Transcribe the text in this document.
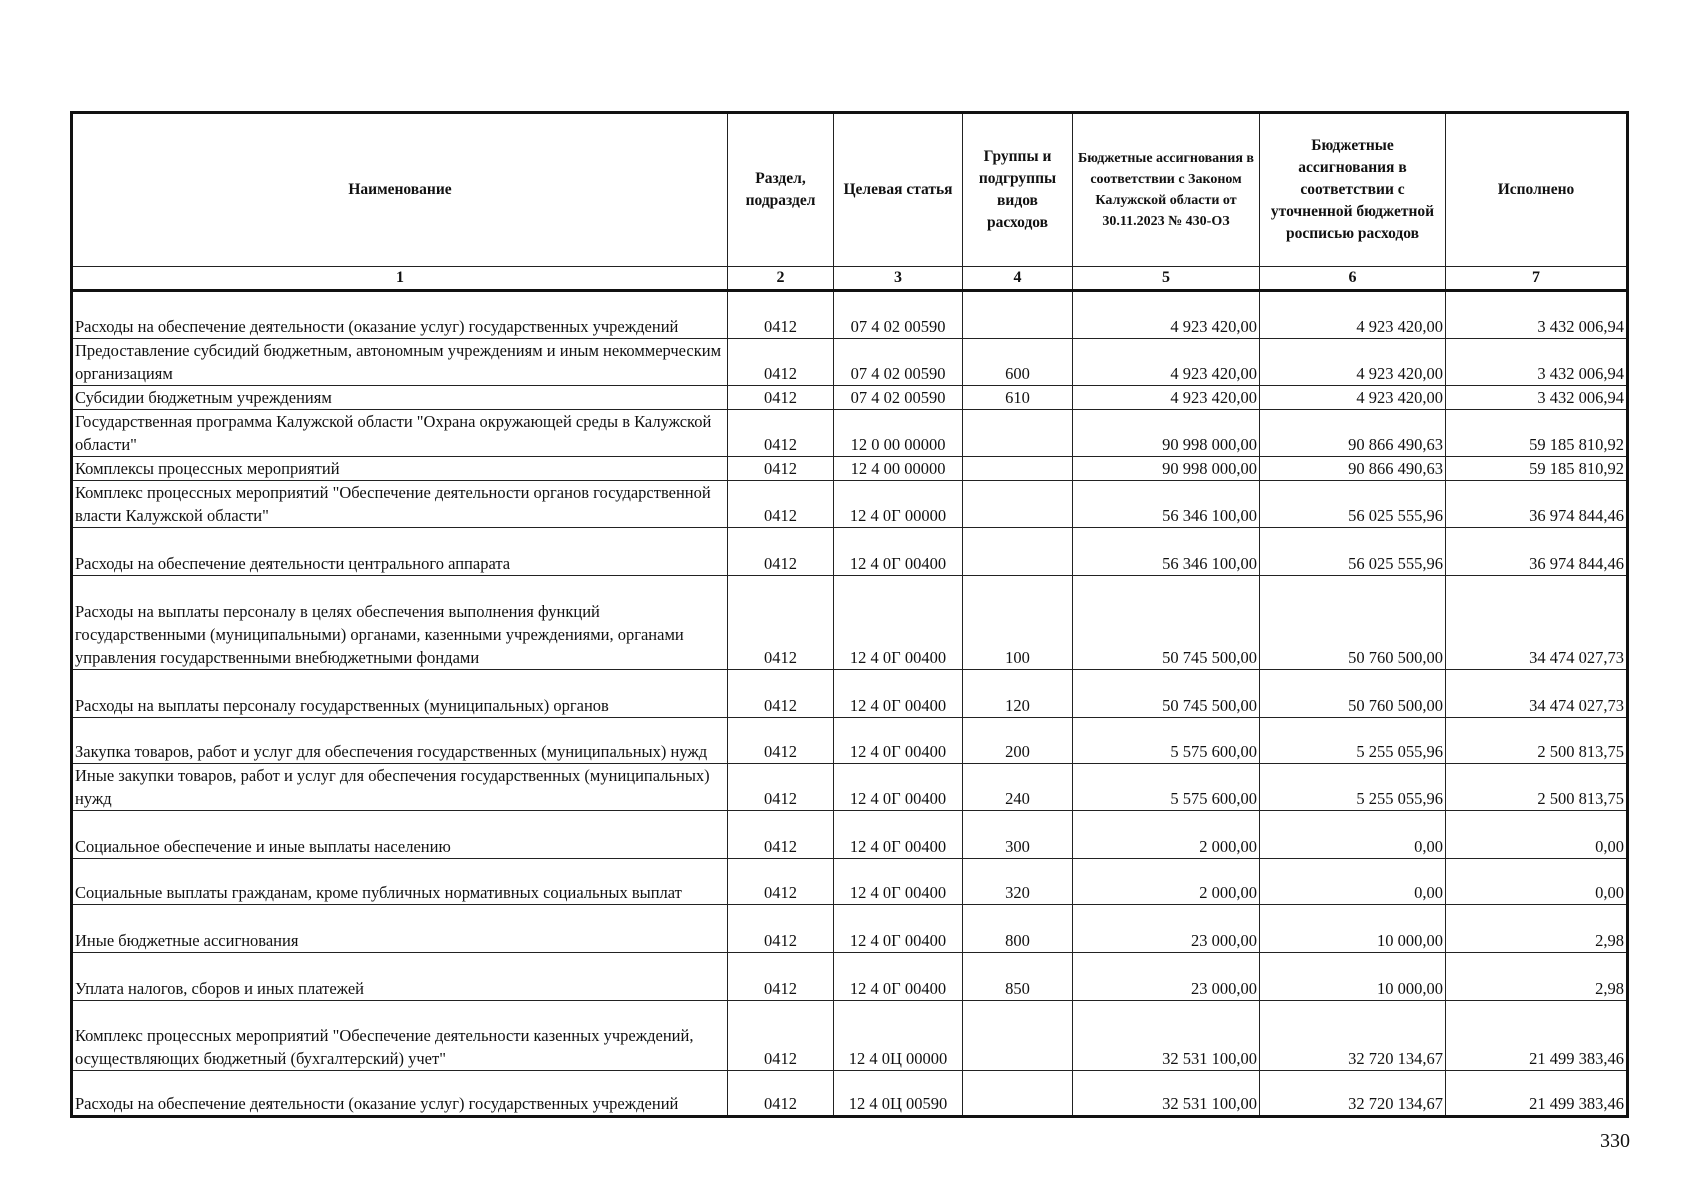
Наименование	Раздел, подраздел	Целевая статья	Группы и подгруппы видов расходов	Бюджетные ассигнования в соответствии с Законом Калужской области от 30.11.2023 № 430-ОЗ	Бюджетные ассигнования в соответствии с уточненной бюджетной росписью расходов	Исполнено
1	2	3	4	5	6	7
Расходы на обеспечение деятельности (оказание услуг) государственных учреждений	0412	07 4 02 00590		4 923 420,00	4 923 420,00	3 432 006,94
Предоставление субсидий бюджетным, автономным учреждениям и иным некоммерческим организациям	0412	07 4 02 00590	600	4 923 420,00	4 923 420,00	3 432 006,94
Субсидии бюджетным учреждениям	0412	07 4 02 00590	610	4 923 420,00	4 923 420,00	3 432 006,94
Государственная программа Калужской области "Охрана окружающей среды в Калужской области"	0412	12 0 00 00000		90 998 000,00	90 866 490,63	59 185 810,92
Комплексы процессных мероприятий	0412	12 4 00 00000		90 998 000,00	90 866 490,63	59 185 810,92
Комплекс процессных мероприятий "Обеспечение деятельности органов государственной власти Калужской области"	0412	12 4 0Г 00000		56 346 100,00	56 025 555,96	36 974 844,46
Расходы на обеспечение деятельности центрального аппарата	0412	12 4 0Г 00400		56 346 100,00	56 025 555,96	36 974 844,46
Расходы на выплаты персоналу в целях обеспечения выполнения функций государственными (муниципальными) органами, казенными учреждениями, органами управления государственными внебюджетными фондами	0412	12 4 0Г 00400	100	50 745 500,00	50 760 500,00	34 474 027,73
Расходы на выплаты персоналу государственных (муниципальных) органов	0412	12 4 0Г 00400	120	50 745 500,00	50 760 500,00	34 474 027,73
Закупка товаров, работ и услуг для обеспечения государственных (муниципальных) нужд	0412	12 4 0Г 00400	200	5 575 600,00	5 255 055,96	2 500 813,75
Иные закупки товаров, работ и услуг для обеспечения государственных (муниципальных) нужд	0412	12 4 0Г 00400	240	5 575 600,00	5 255 055,96	2 500 813,75
Социальное обеспечение и иные выплаты населению	0412	12 4 0Г 00400	300	2 000,00	0,00	0,00
Социальные выплаты гражданам, кроме публичных нормативных социальных выплат	0412	12 4 0Г 00400	320	2 000,00	0,00	0,00
Иные бюджетные ассигнования	0412	12 4 0Г 00400	800	23 000,00	10 000,00	2,98
Уплата налогов, сборов и иных платежей	0412	12 4 0Г 00400	850	23 000,00	10 000,00	2,98
Комплекс процессных мероприятий "Обеспечение деятельности казенных учреждений, осуществляющих бюджетный (бухгалтерский) учет"	0412	12 4 0Ц 00000		32 531 100,00	32 720 134,67	21 499 383,46
Расходы на обеспечение деятельности (оказание услуг) государственных учреждений	0412	12 4 0Ц 00590		32 531 100,00	32 720 134,67	21 499 383,46
330
